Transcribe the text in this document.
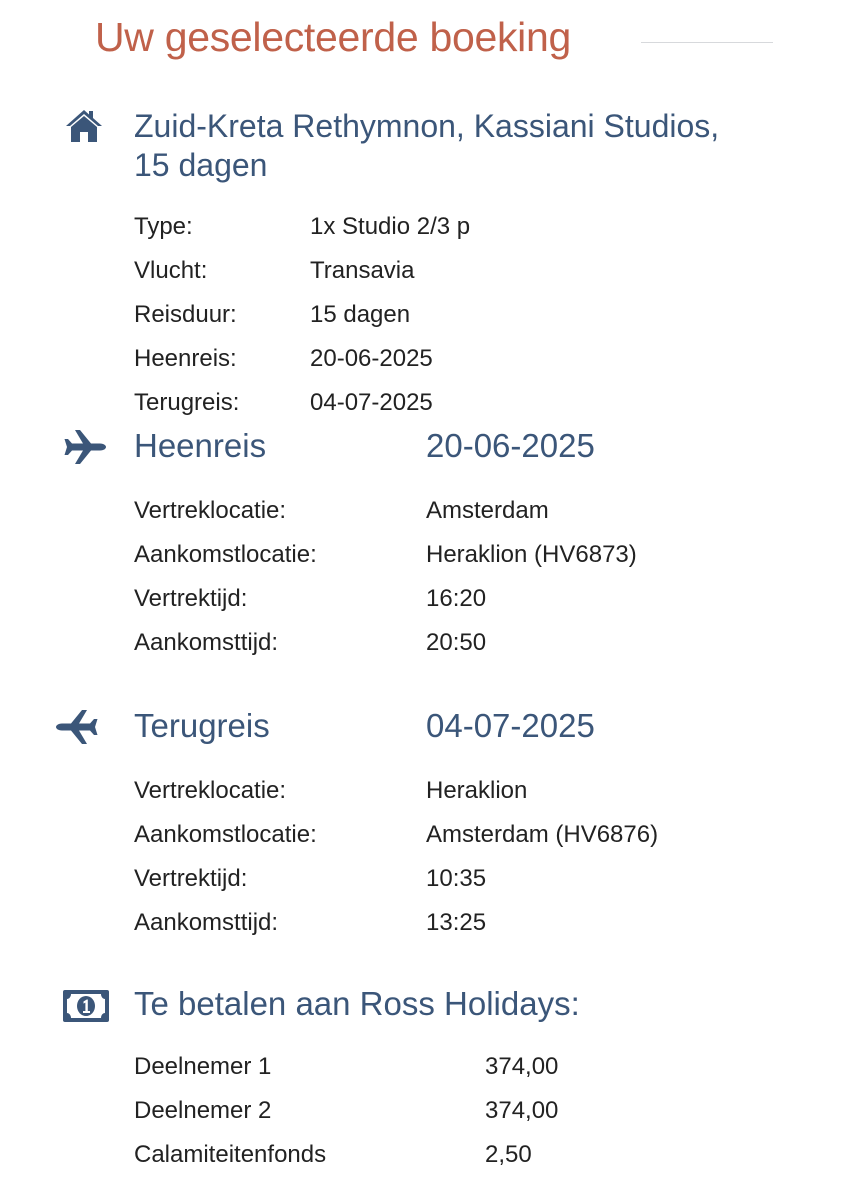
Uw geselecteerde boeking
Zuid-Kreta Rethymnon, Kassiani Studios, 15 dagen
Type:	1x Studio 2/3 p
Vlucht:	Transavia
Reisduur:	15 dagen
Heenreis:	20-06-2025
Terugreis:	04-07-2025
Heenreis	20-06-2025
Vertreklocatie:	Amsterdam
Aankomstlocatie:	Heraklion (HV6873)
Vertrektijd:	16:20
Aankomsttijd:	20:50
Terugreis	04-07-2025
Vertreklocatie:	Heraklion
Aankomstlocatie:	Amsterdam (HV6876)
Vertrektijd:	10:35
Aankomsttijd:	13:25
Te betalen aan Ross Holidays:
Deelnemer 1	374,00
Deelnemer 2	374,00
Calamiteitenfonds	2,50
